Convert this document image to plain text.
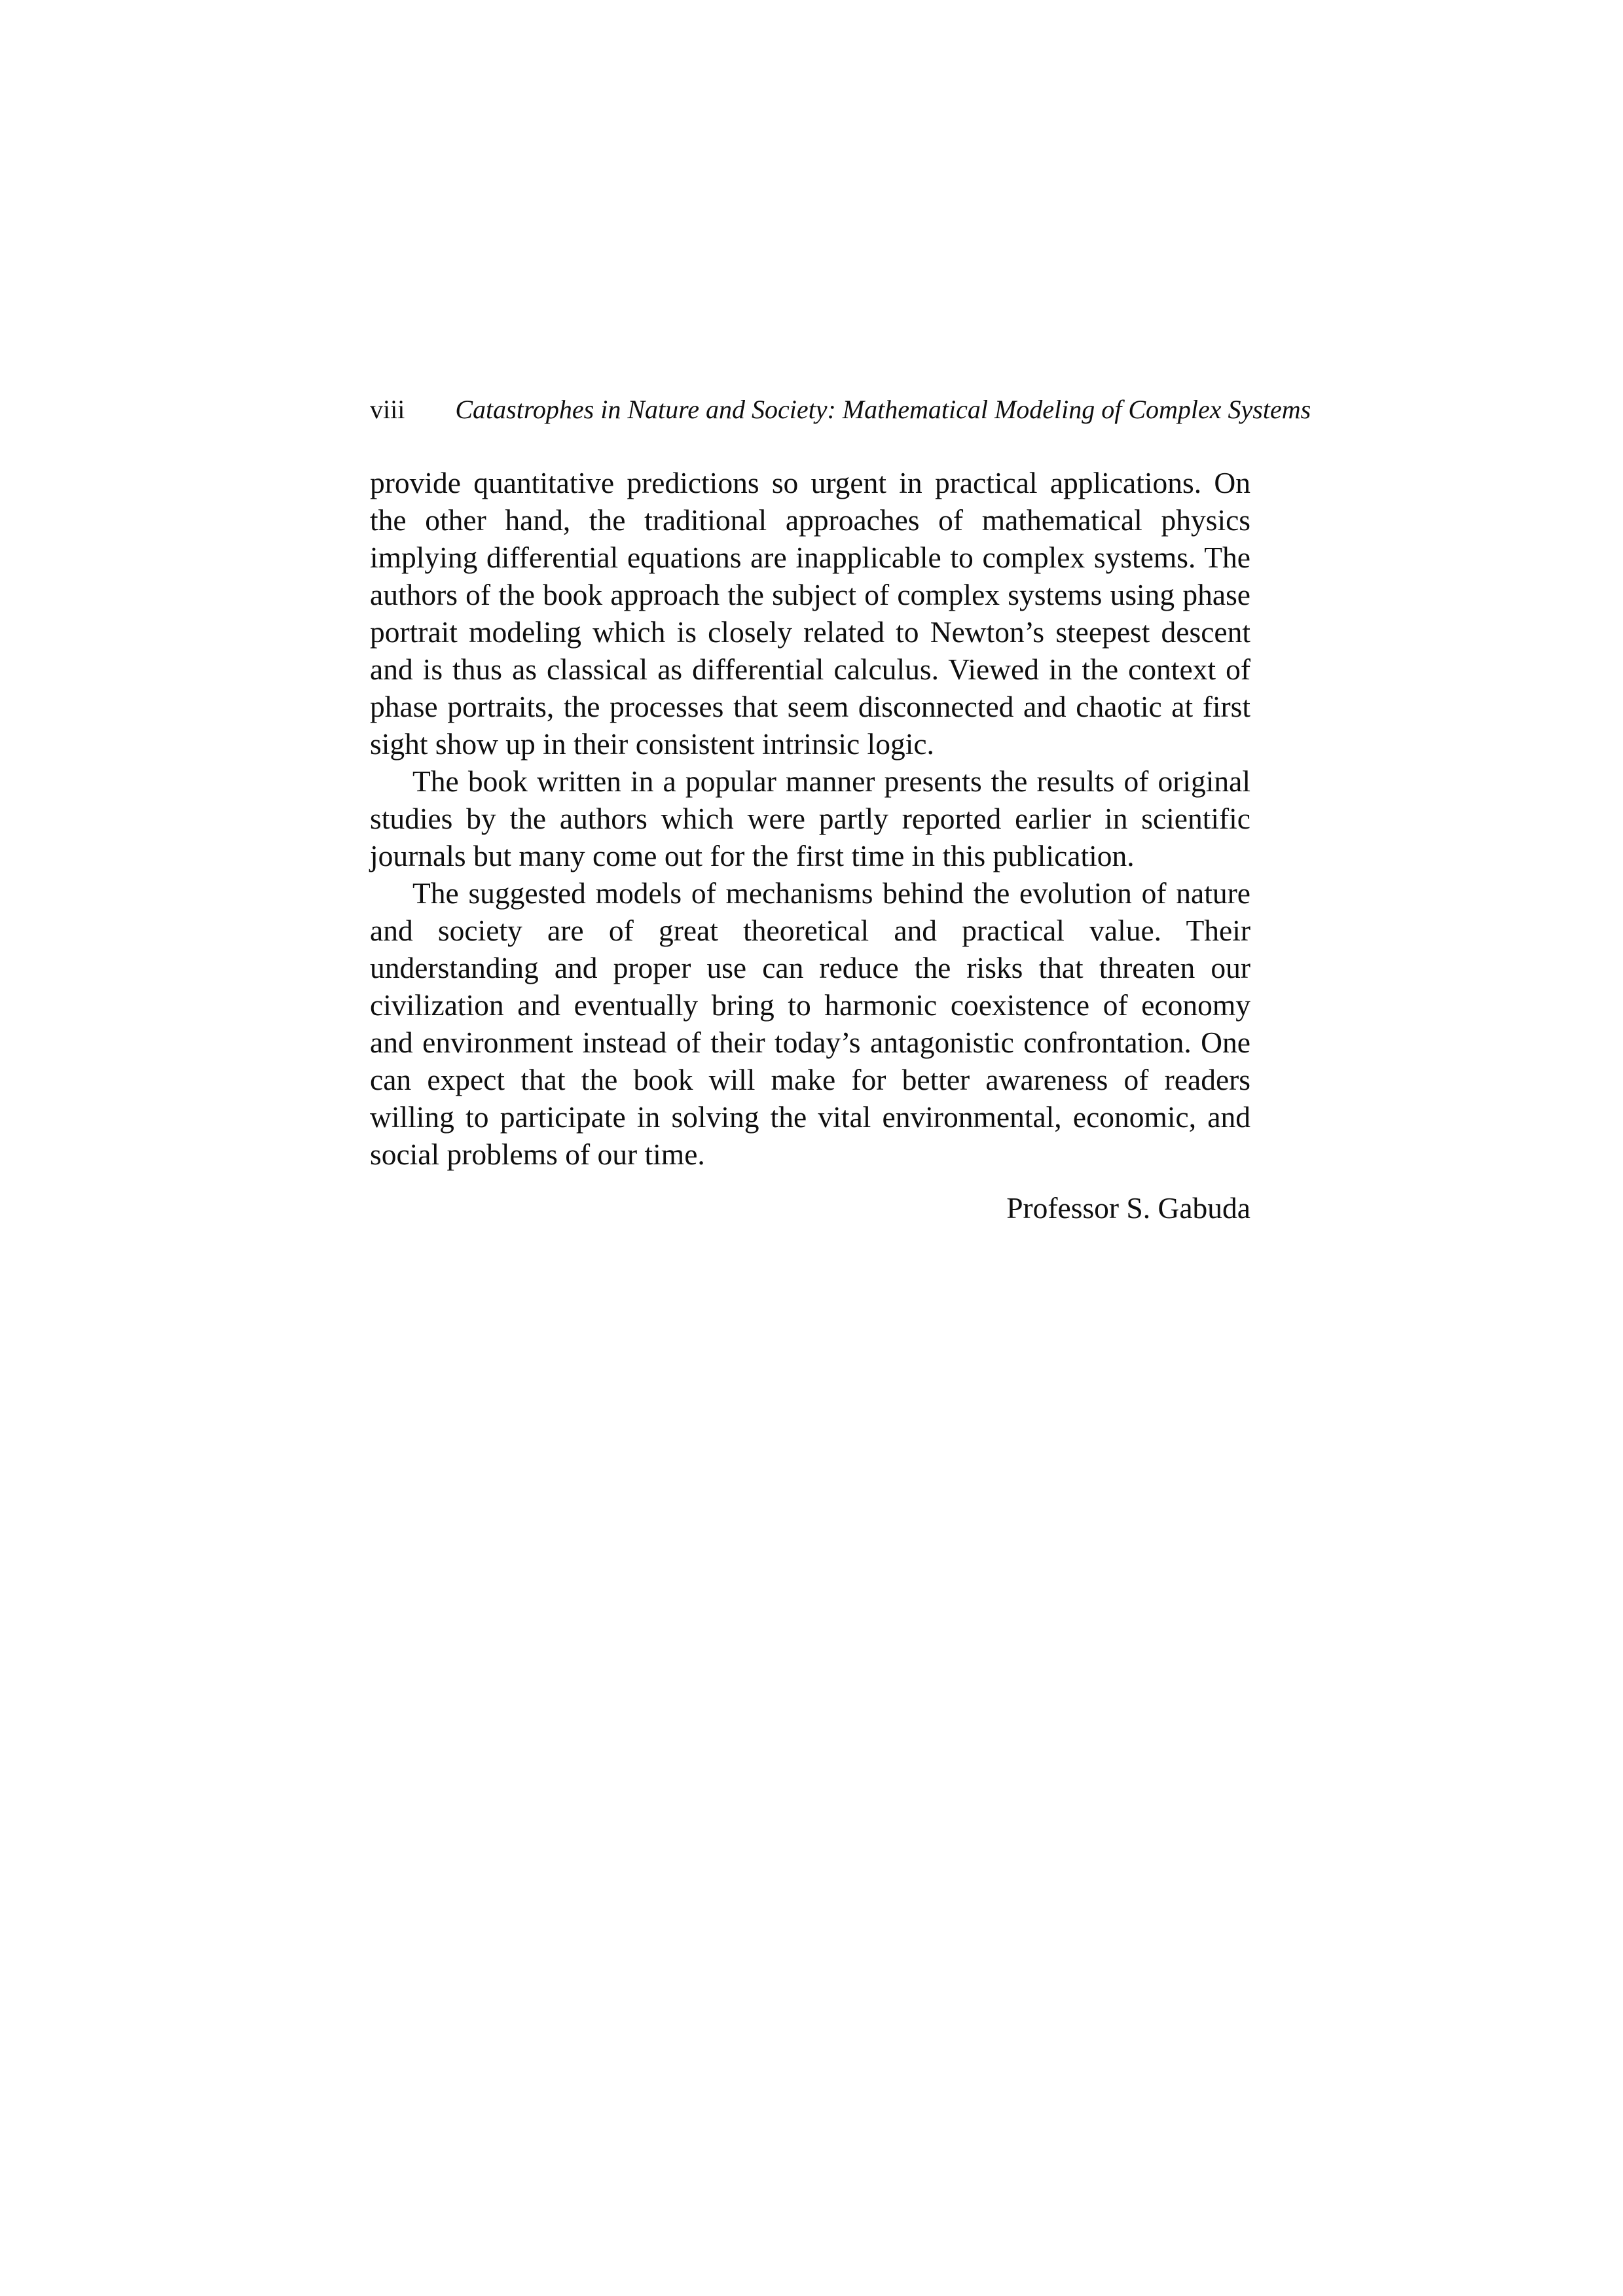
viii Catastrophes in Nature and Society: Mathematical Modeling of Complex Systems
provide quantitative predictions so urgent in practical applications. On
the other hand, the traditional approaches of mathematical physics
implying differential equations are inapplicable to complex systems. The
authors of the book approach the subject of complex systems using phase
portrait modeling which is closely related to Newton’s steepest descent
and is thus as classical as differential calculus. Viewed in the context of
phase portraits, the processes that seem disconnected and chaotic at first
sight show up in their consistent intrinsic logic.
The book written in a popular manner presents the results of original
studies by the authors which were partly reported earlier in scientific
journals but many come out for the first time in this publication.
The suggested models of mechanisms behind the evolution of nature
and society are of great theoretical and practical value. Their
understanding and proper use can reduce the risks that threaten our
civilization and eventually bring to harmonic coexistence of economy
and environment instead of their today’s antagonistic confrontation. One
can expect that the book will make for better awareness of readers
willing to participate in solving the vital environmental, economic, and
social problems of our time.
Professor S. Gabuda
